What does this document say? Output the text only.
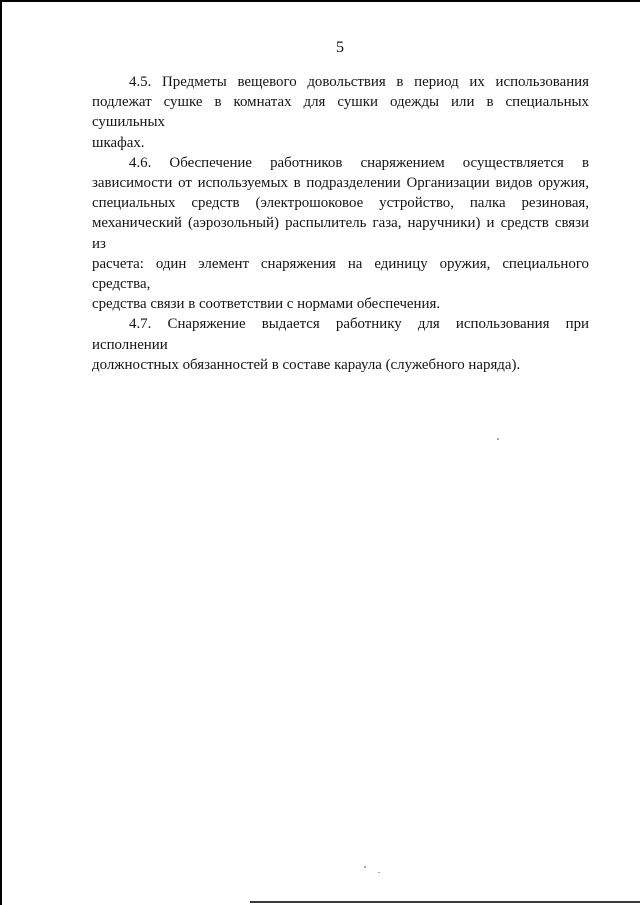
5

4.5. Предметы вещевого довольствия в период их использования
подлежат сушке в комнатах для сушки одежды или в специальных сушильных
шкафах.

4.6. Обеспечение работников снаряжением осуществляется в
зависимости от используемых в подразделении Организации видов оружия,
специальных средств (электрошоковое устройство, палка резиновая,
механический (аэрозольный) распылитель газа, наручники) и средств связи из
расчета: один элемент снаряжения на единицу оружия, специального средства,
средства связи в соответствии с нормами обеспечения.

4.7. Снаряжение выдается работнику для использования при исполнении
должностных обязанностей в составе караула (служебного наряда).
